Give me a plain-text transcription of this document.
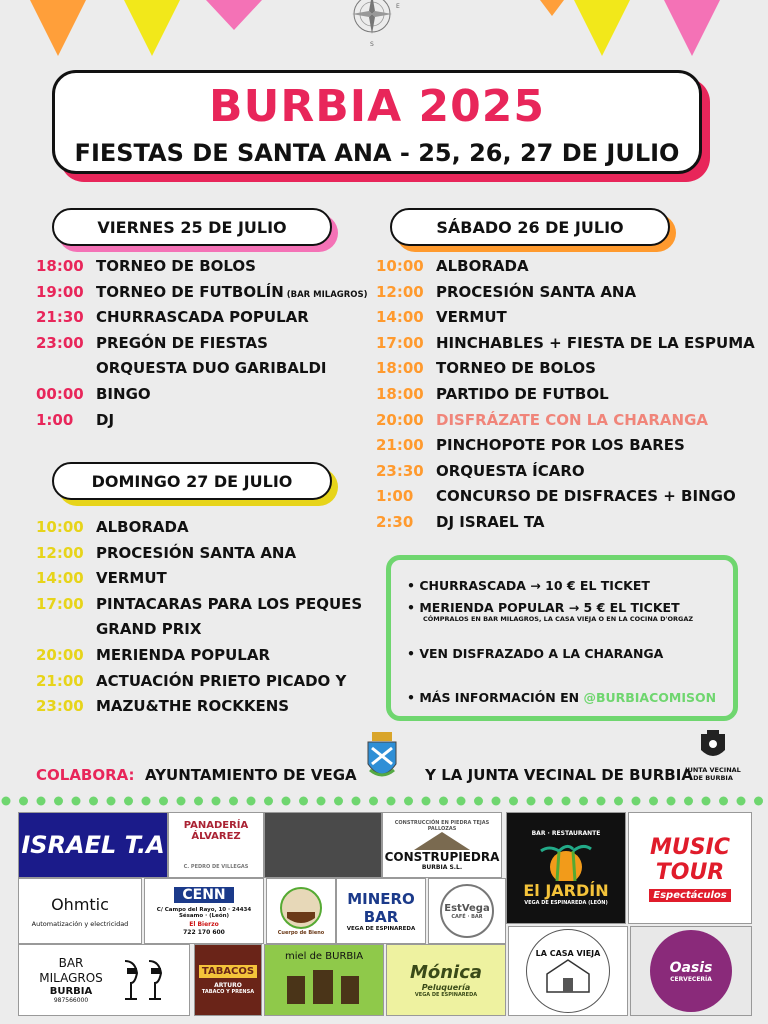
E
S
BURBIA 2025
FIESTAS DE SANTA ANA - 25, 26, 27 DE JULIO
VIERNES 25 DE JULIO	SÁBADO 26 DE JULIO
DOMINGO 27 DE JULIO
18:00 TORNEO DE BOLOS
19:00 TORNEO DE FUTBOLÍN (BAR MILAGROS)
21:30 CHURRASCADA POPULAR
23:00 PREGÓN DE FIESTAS
ORQUESTA DUO GARIBALDI
00:00 BINGO
1:00	DJ
10:00 ALBORADA
12:00 PROCESIÓN SANTA ANA
14:00 VERMUT
17:00 HINCHABLES + FIESTA DE LA ESPUMA
18:00 TORNEO DE BOLOS
18:00 PARTIDO DE FUTBOL
20:00 DISFRÁZATE CON LA CHARANGA
21:00 PINCHOPOTE POR LOS BARES
23:30 ORQUESTA ÍCARO
1:00	CONCURSO DE DISFRACES + BINGO
2:30	DJ ISRAEL TA
10:00 ALBORADA
12:00 PROCESIÓN SANTA ANA
14:00 VERMUT
17:00 PINTACARAS PARA LOS PEQUES
GRAND PRIX
20:00 MERIENDA POPULAR
21:00 ACTUACIÓN PRIETO PICADO Y
23:00 MAZU&THE ROCKKENS
• CHURRASCADA → 10 € EL TICKET
• MERIENDA POPULAR → 5 € EL TICKET
CÓMPRALOS EN BAR MILAGROS, LA CASA VIEJA O EN LA COCINA D'ORGAZ
• VEN DISFRAZADO A LA CHARANGA
• MÁS INFORMACIÓN EN @BURBIACOMISON
COLABORA: AYUNTAMIENTO DE VEGA	Y LA JUNTA VECINAL DE BURBIA
JUNTA VECINAL DE BURBIA
ISRAEL T.A
PANADERÍA ÁLVAREZ
C. PEDRO DE VILLEGAS
CONSTRUCCIÓN EN PIEDRA TEJAS PALLOZAS
CONSTRUPIEDRA
BURBIA S.L.
BAR · RESTAURANTE
El JARDÍN
VEGA DE ESPINAREDA (LEÓN)
MUSIC TOUR
Espectáculos
Ohmtic
Automatización y electricidad
CENN
C/ Campo del Rayo, 10 · 24434 Sésamo · (León)
El Bierzo
722 170 600	Cuerpo de Bieno
MINERO BAR
VEGA DE ESPINAREDA
EstVega
CAFÉ · BAR
BAR MILAGROS
BURBIA
987566000
TABACOS
ARTURO
TABACO Y PRENSA
miel de BURBIA
Mónica
Peluquería
VEGA DE ESPINAREDA
LA CASA VIEJA
Oasis
CERVECERÍA
